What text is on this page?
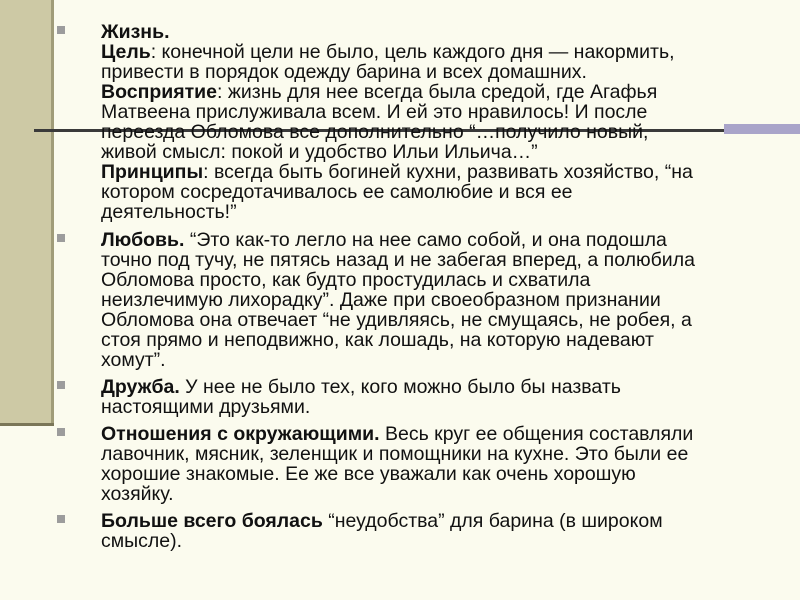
Жизнь.
Цель: конечной цели не было, цель каждого дня — накормить,
привести в порядок одежду барина и всех домашних.
Восприятие: жизнь для нее всегда была средой, где Агафья
Матвеена прислуживала всем. И ей это нравилось! И после
переезда Обломова все дополнительно “…получило новый,
живой смысл: покой и удобство Ильи Ильича…”
Принципы: всегда быть богиней кухни, развивать хозяйство, “на
котором сосредотачивалось ее самолюбие и вся ее
деятельность!”
Любовь. “Это как-то легло на нее само собой, и она подошла
точно под тучу, не пятясь назад и не забегая вперед, а полюбила
Обломова просто, как будто простудилась и схватила
неизлечимую лихорадку”. Даже при своеобразном признании
Обломова она отвечает “не удивляясь, не смущаясь, не робея, а
стоя прямо и неподвижно, как лошадь, на которую надевают
хомут”.
Дружба. У нее не было тех, кого можно было бы назвать
настоящими друзьями.
Отношения с окружающими. Весь круг ее общения составляли
лавочник, мясник, зеленщик и помощники на кухне. Это были ее
хорошие знакомые. Ее же все уважали как очень хорошую
хозяйку.
Больше всего боялась “неудобства” для барина (в широком
смысле).
